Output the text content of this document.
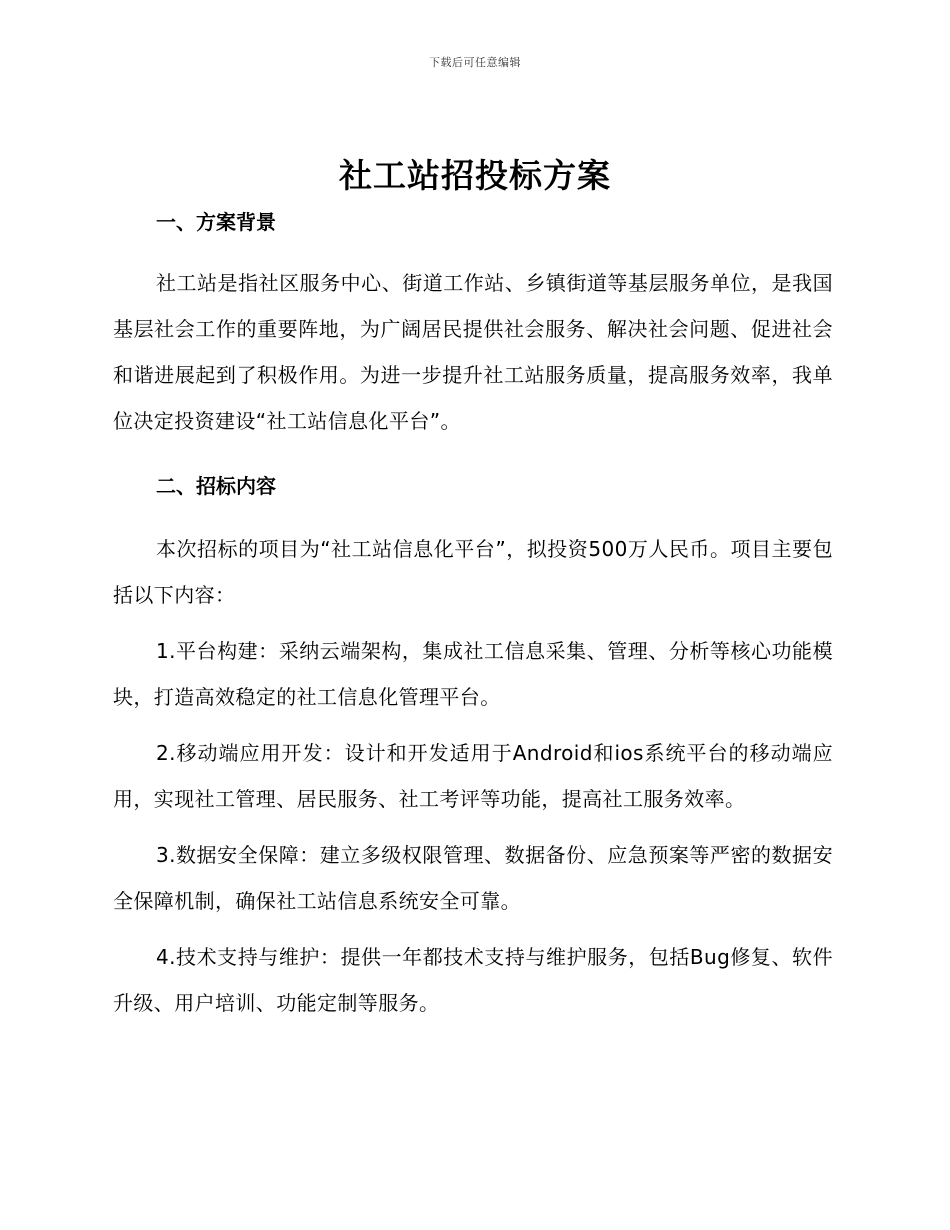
下载后可任意编辑
社工站招投标方案
一、方案背景

社工站是指社区服务中心、街道工作站、乡镇街道等基层服务单位，是我国基层社会工作的重要阵地，为广阔居民提供社会服务、解决社会问题、促进社会和谐进展起到了积极作用。为进一步提升社工站服务质量，提高服务效率，我单位决定投资建设“社工站信息化平台”。

二、招标内容

本次招标的项目为“社工站信息化平台”，拟投资500万人民币。项目主要包括以下内容：

1.平台构建：采纳云端架构，集成社工信息采集、管理、分析等核心功能模块，打造高效稳定的社工信息化管理平台。

2.移动端应用开发：设计和开发适用于Android和ios系统平台的移动端应用，实现社工管理、居民服务、社工考评等功能，提高社工服务效率。

3.数据安全保障：建立多级权限管理、数据备份、应急预案等严密的数据安全保障机制，确保社工站信息系统安全可靠。

4.技术支持与维护：提供一年都技术支持与维护服务，包括Bug修复、软件升级、用户培训、功能定制等服务。
